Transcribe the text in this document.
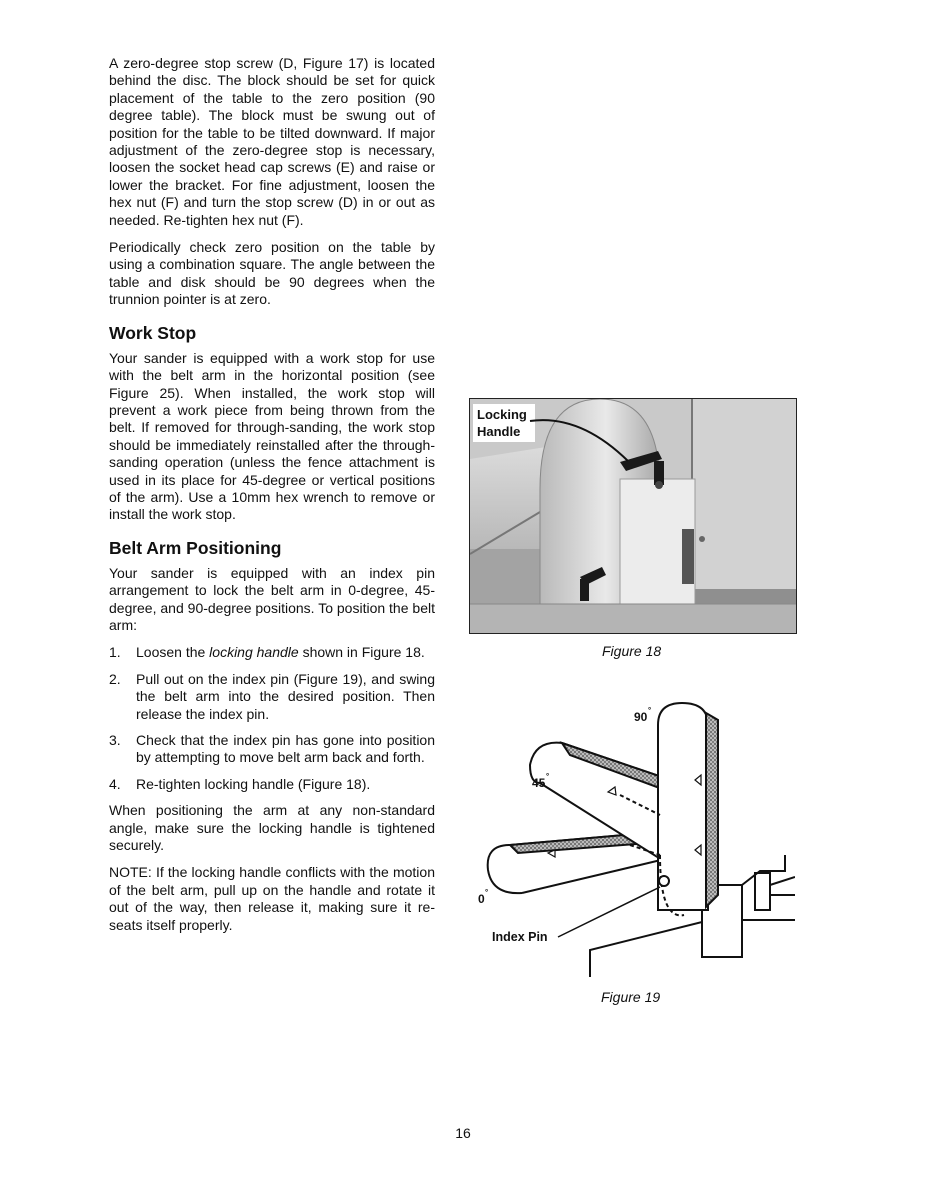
A zero-degree stop screw (D, Figure 17) is located behind the disc. The block should be set for quick placement of the table to the zero position (90 degree table). The block must be swung out of position for the table to be tilted downward. If major adjustment of the zero-degree stop is necessary, loosen the socket head cap screws (E) and raise or lower the bracket. For fine adjustment, loosen the hex nut (F) and turn the stop screw (D) in or out as needed. Re-tighten hex nut (F).

Periodically check zero position on the table by using a combination square. The angle between the table and disk should be 90 degrees when the trunnion pointer is at zero.

Work Stop

Your sander is equipped with a work stop for use with the belt arm in the horizontal position (see Figure 25). When installed, the work stop will prevent a work piece from being thrown from the belt. If removed for through-sanding, the work stop should be immediately reinstalled after the through-sanding operation (unless the fence attachment is used in its place for 45-degree or vertical positions of the arm). Use a 10mm hex wrench to remove or install the work stop.

Belt Arm Positioning

Your sander is equipped with an index pin arrangement to lock the belt arm in 0-degree, 45-degree, and 90-degree positions. To position the belt arm:

1. Loosen the locking handle shown in Figure 18.
2. Pull out on the index pin (Figure 19), and swing the belt arm into the desired position. Then release the index pin.
3. Check that the index pin has gone into position by attempting to move belt arm back and forth.
4. Re-tighten locking handle (Figure 18).

When positioning the arm at any non-standard angle, make sure the locking handle is tightened securely.

NOTE: If the locking handle conflicts with the motion of the belt arm, pull up on the handle and rotate it out of the way, then release it, making sure it re-seats itself properly.

Locking
Handle
Figure 18
90 °
45 °
0 °
Index Pin
Figure 19
16
